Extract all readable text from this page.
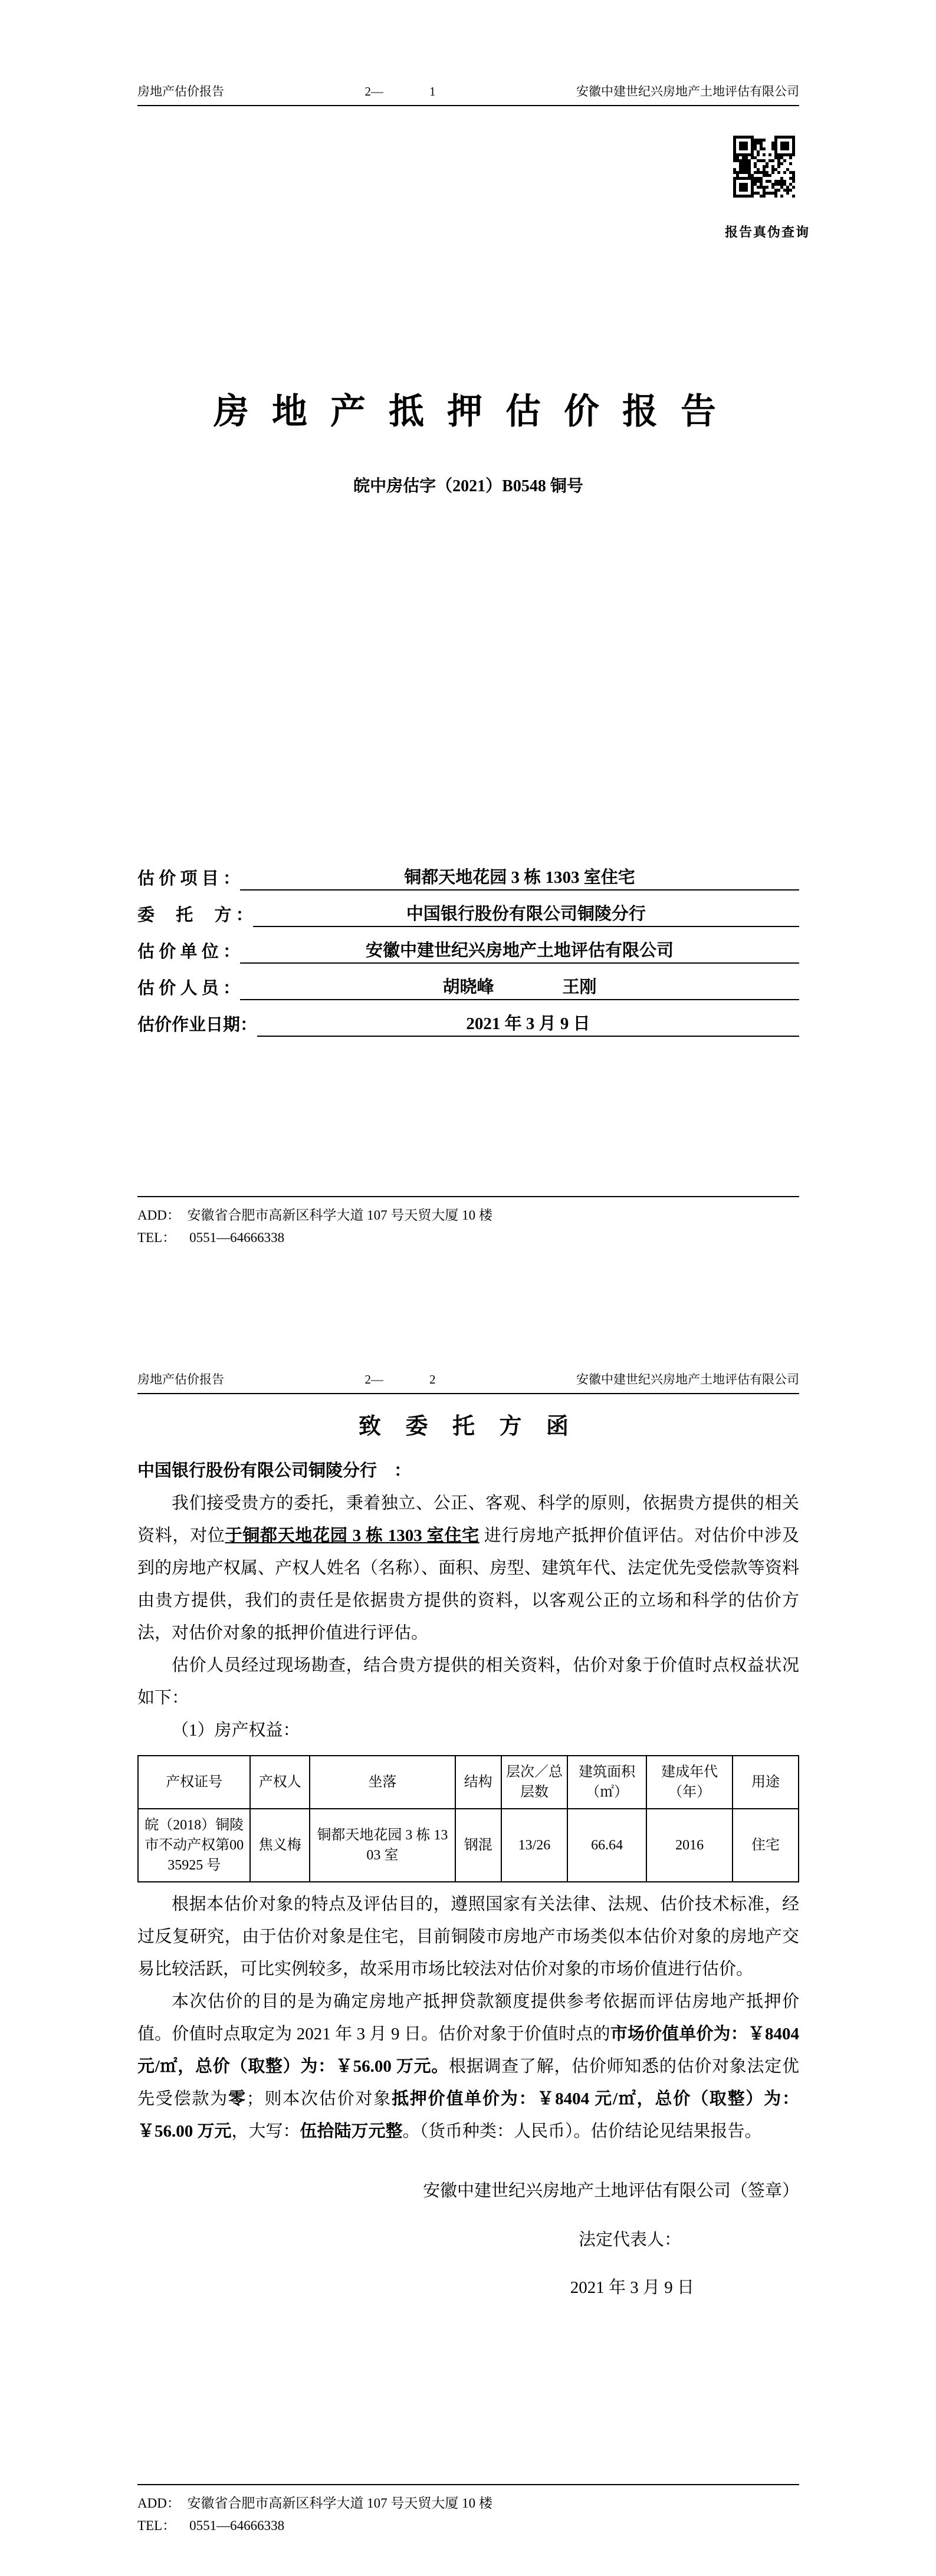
房地产估价报告	2—	1	安徽中建世纪兴房地产土地评估有限公司
报告真伪查询
房 地 产 抵 押 估 价 报 告
皖中房估字（2021）B0548 铜号
估 价 项 目 ：	铜都天地花园 3 栋 1303 室住宅
委　 托 　方 ：	中国银行股份有限公司铜陵分行
估 价 单 位 ：	安徽中建世纪兴房地产土地评估有限公司
估 价 人 员 ：	胡晓峰　　　　王刚
估价作业日期：	2021 年 3 月 9 日
ADD：  安徽省合肥市高新区科学大道 107 号天贸大厦 10 楼
TEL：    0551—64666338
房地产估价报告	2—	2	安徽中建世纪兴房地产土地评估有限公司
致 委 托 方 函
中国银行股份有限公司铜陵分行　：
我们接受贵方的委托，秉着独立、公正、客观、科学的原则，依据贵方提供的相关资料，对位于铜都天地花园 3 栋 1303 室住宅 进行房地产抵押价值评估。对估价中涉及到的房地产权属、产权人姓名（名称）、面积、房型、建筑年代、法定优先受偿款等资料由贵方提供，我们的责任是依据贵方提供的资料，以客观公正的立场和科学的估价方法，对估价对象的抵押价值进行评估。
估价人员经过现场勘查，结合贵方提供的相关资料，估价对象于价值时点权益状况如下：
（1）房产权益：
产权证号	产权人	坐落	结构	层次／总层数	建筑面积（㎡）	建成年代（年）	用途
皖（2018）铜陵市不动产权第0035925 号	焦义梅	铜都天地花园 3 栋 1303 室	钢混	13/26	66.64	2016	住宅
根据本估价对象的特点及评估目的，遵照国家有关法律、法规、估价技术标准，经过反复研究，由于估价对象是住宅，目前铜陵市房地产市场类似本估价对象的房地产交易比较活跃，可比实例较多，故采用市场比较法对估价对象的市场价值进行估价。
本次估价的目的是为确定房地产抵押贷款额度提供参考依据而评估房地产抵押价值。价值时点取定为 2021 年 3 月 9 日。估价对象于价值时点的市场价值单价为：￥8404 元/㎡，总价（取整）为：￥56.00 万元。根据调查了解，估价师知悉的估价对象法定优先受偿款为零；则本次估价对象抵押价值单价为：￥8404 元/㎡，总价（取整）为：￥56.00 万元，大写：伍拾陆万元整。（货币种类：人民币）。估价结论见结果报告。
安徽中建世纪兴房地产土地评估有限公司（签章）
法定代表人：
2021 年 3 月 9 日
ADD：  安徽省合肥市高新区科学大道 107 号天贸大厦 10 楼
TEL：    0551—64666338
